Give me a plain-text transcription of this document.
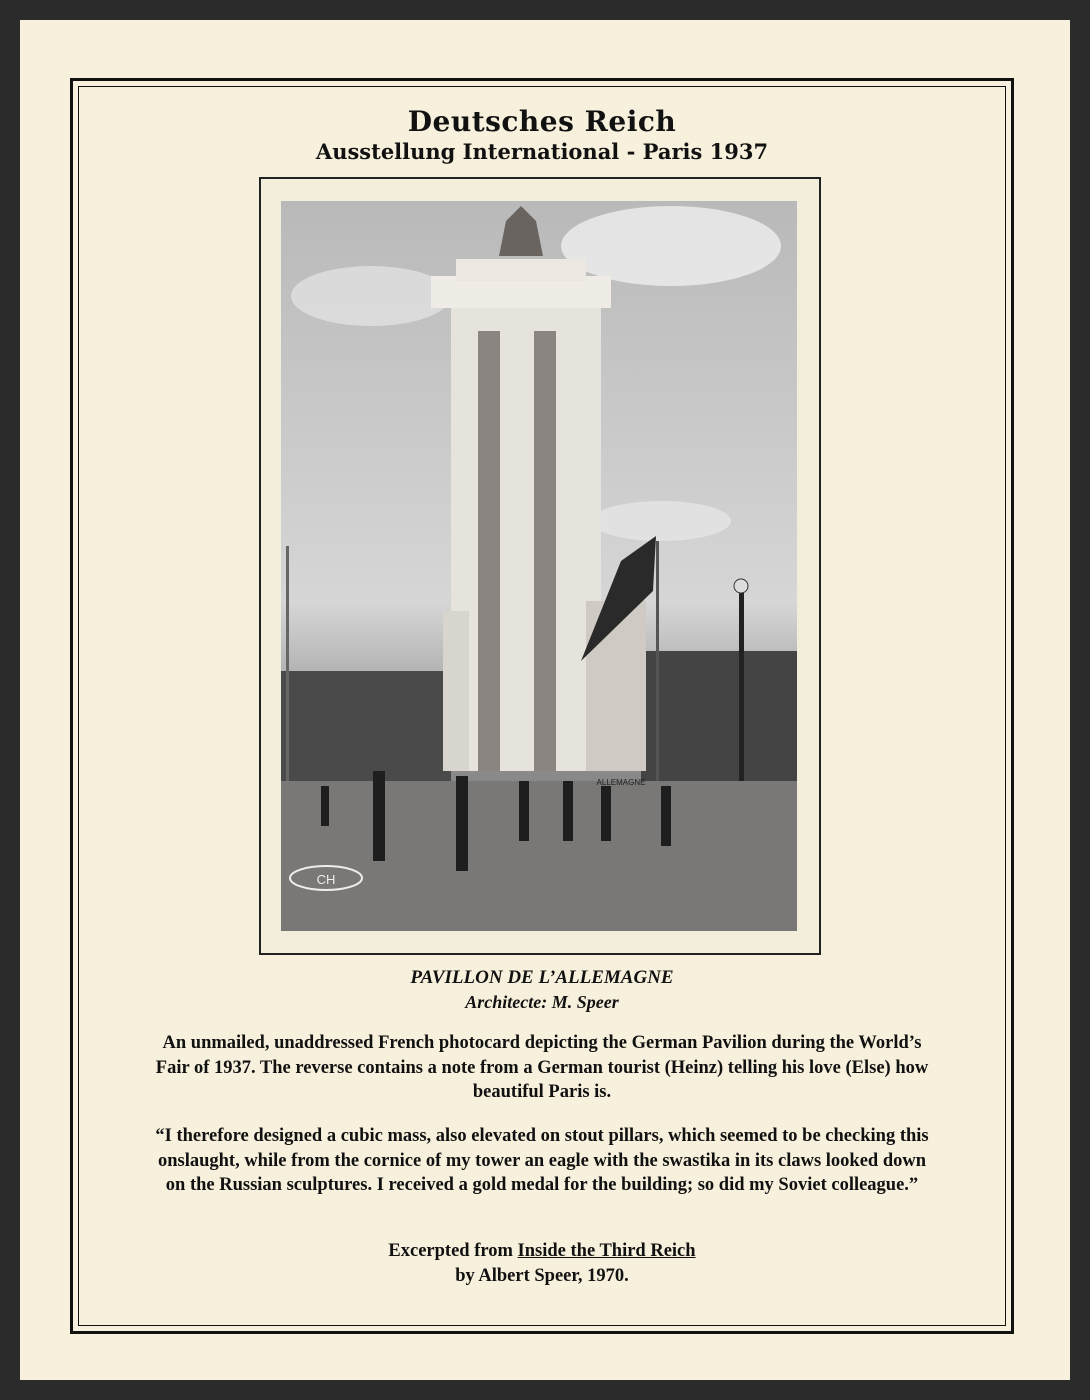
Deutsches Reich
Ausstellung International - Paris 1937
CH
ALLEMAGNE
PAVILLON DE L’ALLEMAGNE
Architecte: M. Speer
An unmailed, unaddressed French photocard depicting the German Pavilion during the World’s Fair of 1937. The reverse contains a note from a German tourist (Heinz) telling his love (Else) how beautiful Paris is.
“I therefore designed a cubic mass, also elevated on stout pillars, which seemed to be checking this onslaught, while from the cornice of my tower an eagle with the swastika in its claws looked down on the Russian sculptures. I received a gold medal for the building; so did my Soviet colleague.”
Excerpted from Inside the Third Reich
by Albert Speer, 1970.
